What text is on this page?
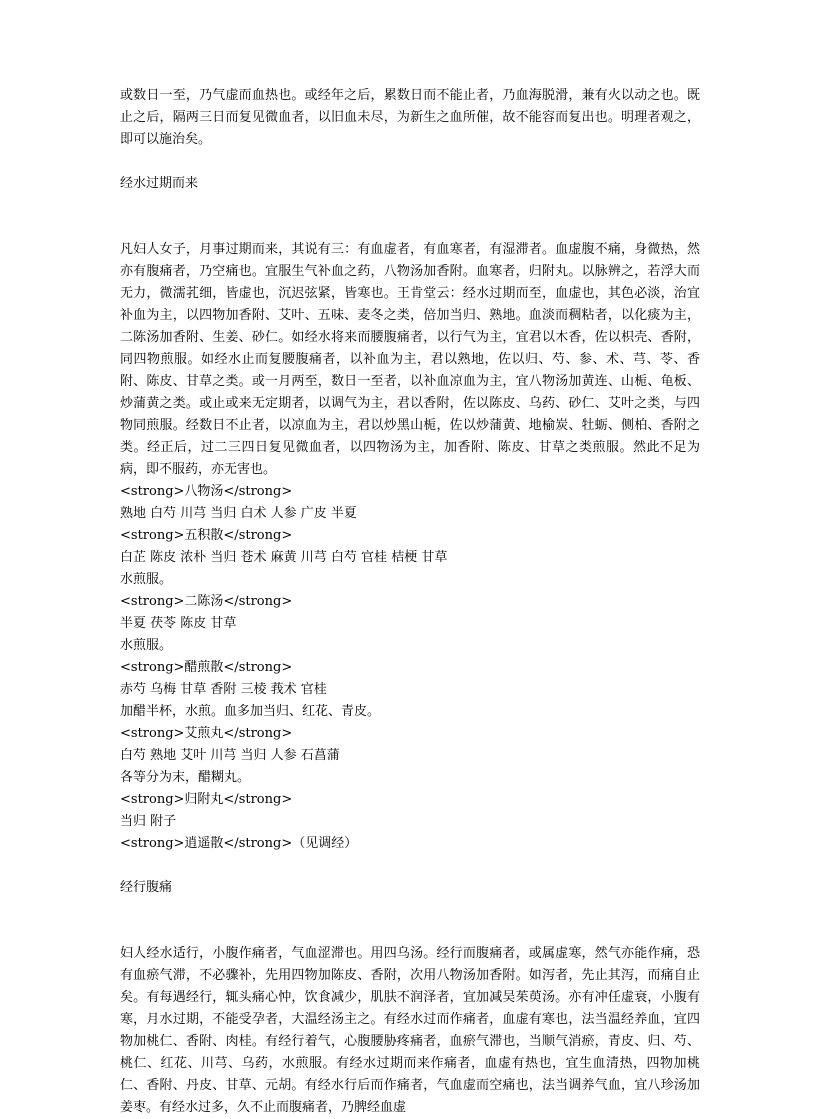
或数日一至，乃气虚而血热也。或经年之后，累数日而不能止者，乃血海脱滑，兼有火以动之也。既止之后，隔两三日而复见微血者，以旧血未尽，为新生之血所催，故不能容而复出也。明理者观之，即可以施治矣。

经水过期而来

凡妇人女子，月事过期而来，其说有三：有血虚者，有血寒者，有湿滞者。血虚腹不痛，身微热，然亦有腹痛者，乃空痛也。宜服生气补血之药，八物汤加香附。血寒者，归附丸。以脉辨之，若浮大而无力，微濡芤细，皆虚也，沉迟弦紧，皆寒也。王肯堂云：经水过期而至，血虚也，其色必淡，治宜补血为主，以四物加香附、艾叶、五味、麦冬之类，倍加当归、熟地。血淡而稠粘者，以化痰为主，二陈汤加香附、生姜、砂仁。如经水将来而腰腹痛者，以行气为主，宜君以木香，佐以枳壳、香附，同四物煎服。如经水止而复腰腹痛者，以补血为主，君以熟地，佐以归、芍、参、术、芎、苓、香附、陈皮、甘草之类。或一月两至，数日一至者，以补血凉血为主，宜八物汤加黄连、山栀、龟板、炒蒲黄之类。或止或来无定期者，以调气为主，君以香附，佐以陈皮、乌药、砂仁、艾叶之类，与四物同煎服。经数日不止者，以凉血为主，君以炒黑山栀，佐以炒蒲黄、地榆炭、牡蛎、侧柏、香附之类。经正后，过二三四日复见微血者，以四物汤为主，加香附、陈皮、甘草之类煎服。然此不足为病，即不服药，亦无害也。

<strong>八物汤</strong>

熟地 白芍 川芎 当归 白术 人参 广皮 半夏

<strong>五积散</strong>

白芷 陈皮 浓朴 当归 苍术 麻黄 川芎 白芍 官桂 桔梗 甘草

水煎服。

<strong>二陈汤</strong>

半夏 茯苓 陈皮 甘草

水煎服。

<strong>醋煎散</strong>

赤芍 乌梅 甘草 香附 三棱 莪术 官桂

加醋半杯，水煎。血多加当归、红花、青皮。

<strong>艾煎丸</strong>

白芍 熟地 艾叶 川芎 当归 人参 石菖蒲

各等分为末，醋糊丸。

<strong>归附丸</strong>

当归 附子

<strong>逍遥散</strong>（见调经）

经行腹痛

妇人经水适行，小腹作痛者，气血涩滞也。用四乌汤。经行而腹痛者，或属虚寒，然气亦能作痛，恐有血瘀气滞，不必骤补，先用四物加陈皮、香附，次用八物汤加香附。如泻者，先止其泻，而痛自止矣。有每遇经行，辄头痛心忡，饮食减少，肌肤不润泽者，宜加减吴茱萸汤。亦有冲任虚衰，小腹有寒，月水过期，不能受孕者，大温经汤主之。有经水过而作痛者，血虚有寒也，法当温经养血，宜四物加桃仁、香附、肉桂。有经行着气，心腹腰胁疼痛者，血瘀气滞也，当顺气消瘀，青皮、归、芍、桃仁、红花、川芎、乌药，水煎服。有经水过期而来作痛者，血虚有热也，宜生血清热，四物加桃仁、香附、丹皮、甘草、元胡。有经水行后而作痛者，气血虚而空痛也，法当调养气血，宜八珍汤加姜枣。有经水过多，久不止而腹痛者，乃脾经血虚
